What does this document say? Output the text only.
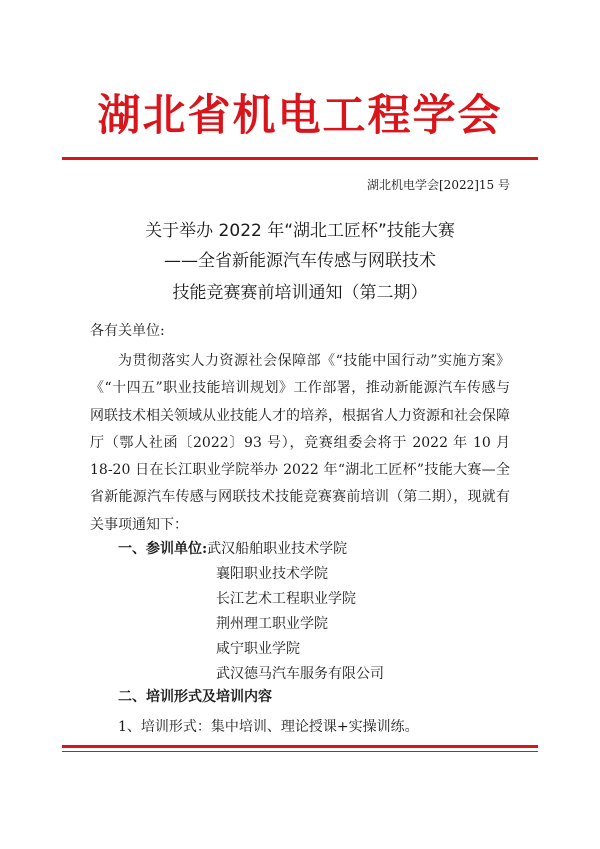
湖北省机电工程学会
湖北机电学会[2022]15 号
关于举办 2022 年“湖北工匠杯”技能大赛
——全省新能源汽车传感与网联技术
技能竞赛赛前培训通知（第二期）
各有关单位:
为贯彻落实人力资源社会保障部《“技能中国行动”实施方案》《“十四五”职业技能培训规划》工作部署，推动新能源汽车传感与网联技术相关领域从业技能人才的培养，根据省人力资源和社会保障厅（鄂人社函〔2022〕93 号），竞赛组委会将于 2022 年 10 月 18-20 日在长江职业学院举办 2022 年“湖北工匠杯”技能大赛—全省新能源汽车传感与网联技术技能竞赛赛前培训（第二期），现就有关事项通知下：
一、参训单位:武汉船舶职业技术学院
襄阳职业技术学院
长江艺术工程职业学院
荆州理工职业学院
咸宁职业学院
武汉德马汽车服务有限公司
二、培训形式及培训内容
1、培训形式：集中培训、理论授课+实操训练。
